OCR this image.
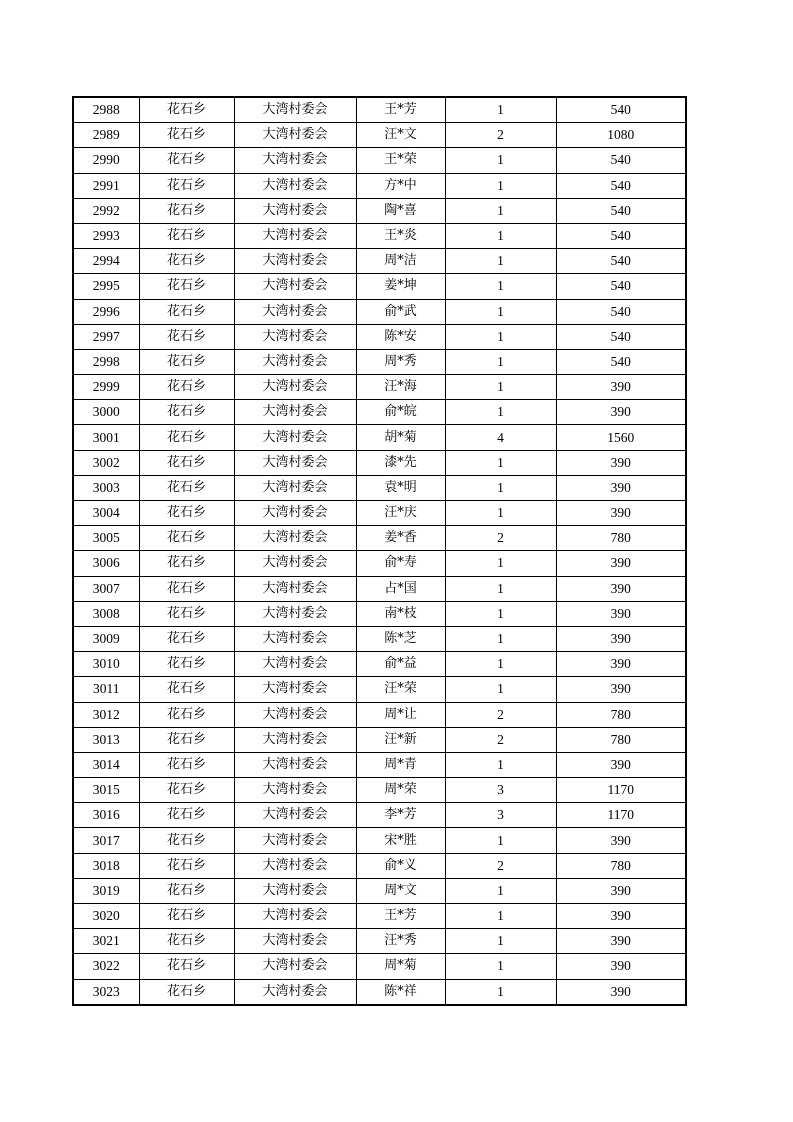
2988	花石乡	大湾村委会	王*芳	1	540
2989	花石乡	大湾村委会	汪*文	2	1080
2990	花石乡	大湾村委会	王*荣	1	540
2991	花石乡	大湾村委会	方*中	1	540
2992	花石乡	大湾村委会	陶*喜	1	540
2993	花石乡	大湾村委会	王*炎	1	540
2994	花石乡	大湾村委会	周*洁	1	540
2995	花石乡	大湾村委会	姜*坤	1	540
2996	花石乡	大湾村委会	俞*武	1	540
2997	花石乡	大湾村委会	陈*安	1	540
2998	花石乡	大湾村委会	周*秀	1	540
2999	花石乡	大湾村委会	汪*海	1	390
3000	花石乡	大湾村委会	俞*皖	1	390
3001	花石乡	大湾村委会	胡*菊	4	1560
3002	花石乡	大湾村委会	漆*先	1	390
3003	花石乡	大湾村委会	袁*明	1	390
3004	花石乡	大湾村委会	汪*庆	1	390
3005	花石乡	大湾村委会	姜*香	2	780
3006	花石乡	大湾村委会	俞*寿	1	390
3007	花石乡	大湾村委会	占*国	1	390
3008	花石乡	大湾村委会	南*枝	1	390
3009	花石乡	大湾村委会	陈*芝	1	390
3010	花石乡	大湾村委会	俞*益	1	390
3011	花石乡	大湾村委会	汪*荣	1	390
3012	花石乡	大湾村委会	周*让	2	780
3013	花石乡	大湾村委会	汪*新	2	780
3014	花石乡	大湾村委会	周*青	1	390
3015	花石乡	大湾村委会	周*荣	3	1170
3016	花石乡	大湾村委会	李*芳	3	1170
3017	花石乡	大湾村委会	宋*胜	1	390
3018	花石乡	大湾村委会	俞*义	2	780
3019	花石乡	大湾村委会	周*文	1	390
3020	花石乡	大湾村委会	王*芳	1	390
3021	花石乡	大湾村委会	汪*秀	1	390
3022	花石乡	大湾村委会	周*菊	1	390
3023	花石乡	大湾村委会	陈*祥	1	390
